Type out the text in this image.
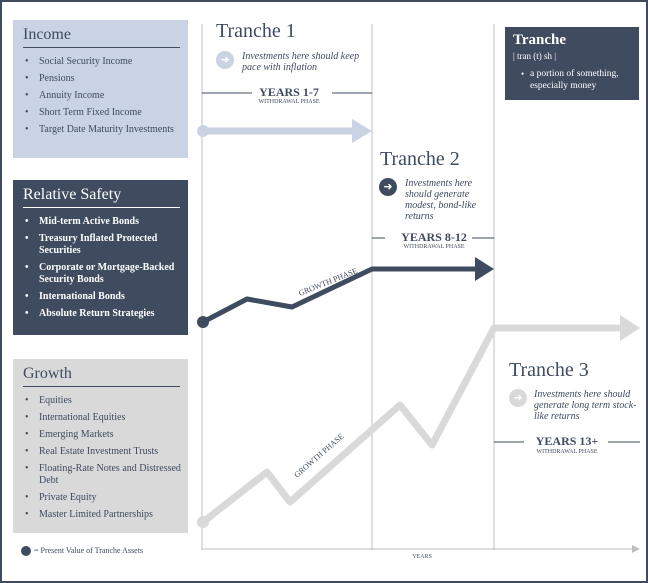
GROWTH PHASE
GROWTH PHASE
Income
• Social Security Income
• Pensions
• Annuity Income
• Short Term Fixed Income
• Target Date Maturity Investments
Relative Safety
• Mid-term Active Bonds
• Treasury Inflated Protected Securities
• Corporate or Mortgage-Backed Security Bonds
• International Bonds
• Absolute Return Strategies
Growth
• Equities
• International Equities
• Emerging Markets
• Real Estate Investment Trusts
• Floating-Rate Notes and Distressed Debt
• Private Equity
• Master Limited Partnerships
= Present Value of Tranche Assets
Tranche
| tran (t) sh |
• a portion of something, especially money
Tranche 1
➜	Investments here should keep pace with inflation
YEARS 1-7
WITHDRAWAL PHASE
Tranche 2
➜	Investments here should generate modest, bond-like returns
YEARS 8-12
WITHDRAWAL PHASE
Tranche 3
➜	Investments here should generate long term stock-like returns
YEARS 13+
WITHDRAWAL PHASE
YEARS
